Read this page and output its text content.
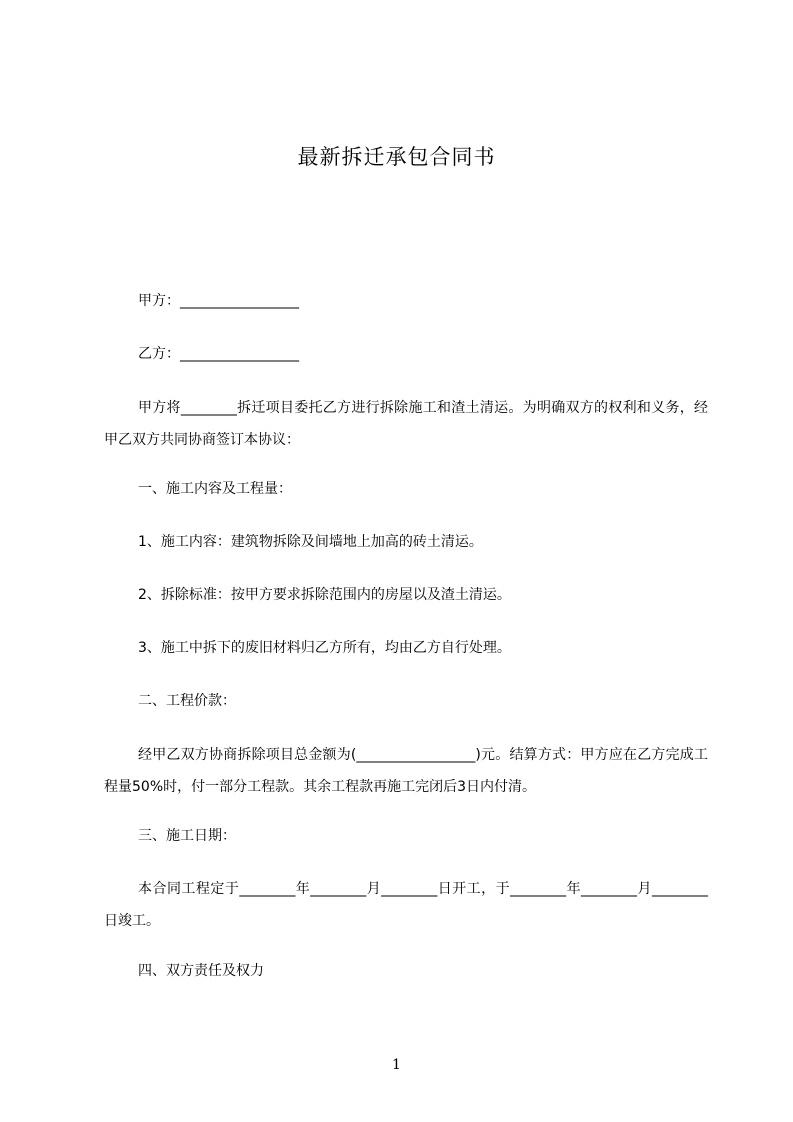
最新拆迁承包合同书
甲方：_________________
乙方：_________________
甲方将________拆迁项目委托乙方进行拆除施工和渣土清运。为明确双方的权利和义务，经甲乙双方共同协商签订本协议：
一、施工内容及工程量：
1、施工内容：建筑物拆除及间墙地上加高的砖土清运。
2、拆除标准：按甲方要求拆除范围内的房屋以及渣土清运。
3、施工中拆下的废旧材料归乙方所有，均由乙方自行处理。
二、工程价款：
经甲乙双方协商拆除项目总金额为(_________________)元。结算方式：甲方应在乙方完成工程量50%时，付一部分工程款。其余工程款再施工完闭后3日内付清。
三、施工日期：
本合同工程定于________年________月________日开工，于________年________月________日竣工。
四、双方责任及权力
1
